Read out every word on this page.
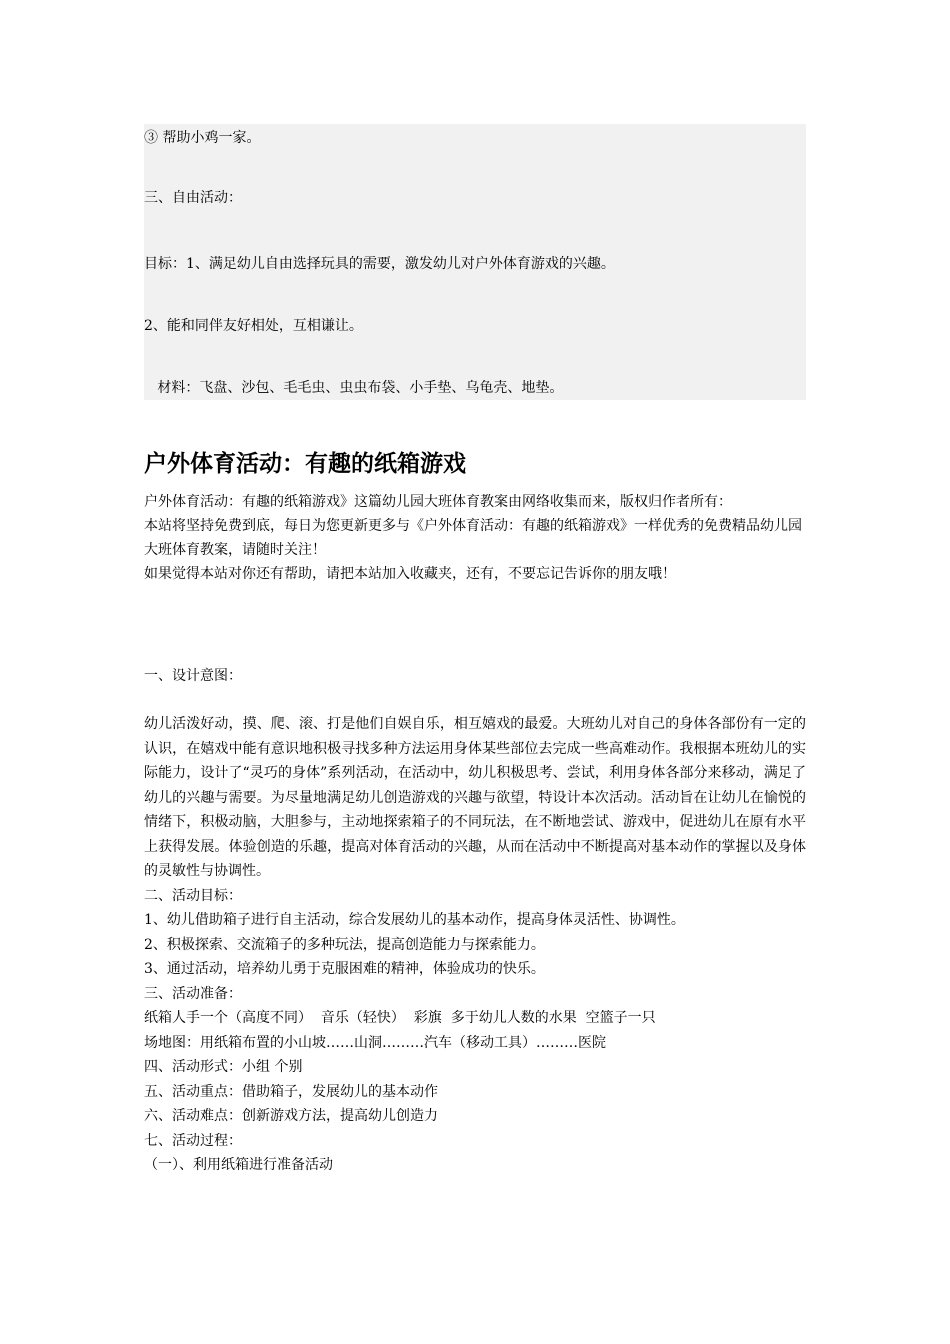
③ 帮助小鸡一家。
三、自由活动：
目标：1、满足幼儿自由选择玩具的需要，激发幼儿对户外体育游戏的兴趣。
2、能和同伴友好相处，互相谦让。
材料：飞盘、沙包、毛毛虫、虫虫布袋、小手垫、乌龟壳、地垫。
户外体育活动：有趣的纸箱游戏

户外体育活动：有趣的纸箱游戏》这篇幼儿园大班体育教案由网络收集而来，版权归作者所有：

本站将坚持免费到底，每日为您更新更多与《户外体育活动：有趣的纸箱游戏》一样优秀的免费精品幼儿园大班体育教案，请随时关注！

如果觉得本站对你还有帮助，请把本站加入收藏夹，还有，不要忘记告诉你的朋友哦！

一、设计意图：

幼儿活泼好动，摸、爬、滚、打是他们自娱自乐，相互嬉戏的最爱。大班幼儿对自己的身体各部份有一定的认识，在嬉戏中能有意识地积极寻找多种方法运用身体某些部位去完成一些高难动作。我根据本班幼儿的实际能力，设计了“灵巧的身体”系列活动，在活动中，幼儿积极思考、尝试，利用身体各部分来移动，满足了幼儿的兴趣与需要。为尽量地满足幼儿创造游戏的兴趣与欲望，特设计本次活动。活动旨在让幼儿在愉悦的情绪下，积极动脑，大胆参与，主动地探索箱子的不同玩法，在不断地尝试、游戏中，促进幼儿在原有水平上获得发展。体验创造的乐趣，提高对体育活动的兴趣，从而在活动中不断提高对基本动作的掌握以及身体的灵敏性与协调性。

二、活动目标：

1、幼儿借助箱子进行自主活动，综合发展幼儿的基本动作，提高身体灵活性、协调性。

2、积极探索、交流箱子的多种玩法，提高创造能力与探索能力。

3、通过活动，培养幼儿勇于克服困难的精神，体验成功的快乐。

三、活动准备：

纸箱人手一个（高度不同）  音乐（轻快）  彩旗  多于幼儿人数的水果  空篮子一只

场地图：用纸箱布置的小山坡……山洞………汽车（移动工具）………医院

四、活动形式：小组 个别

五、活动重点：借助箱子，发展幼儿的基本动作

六、活动难点：创新游戏方法，提高幼儿创造力

七、活动过程：

（一）、利用纸箱进行准备活动
